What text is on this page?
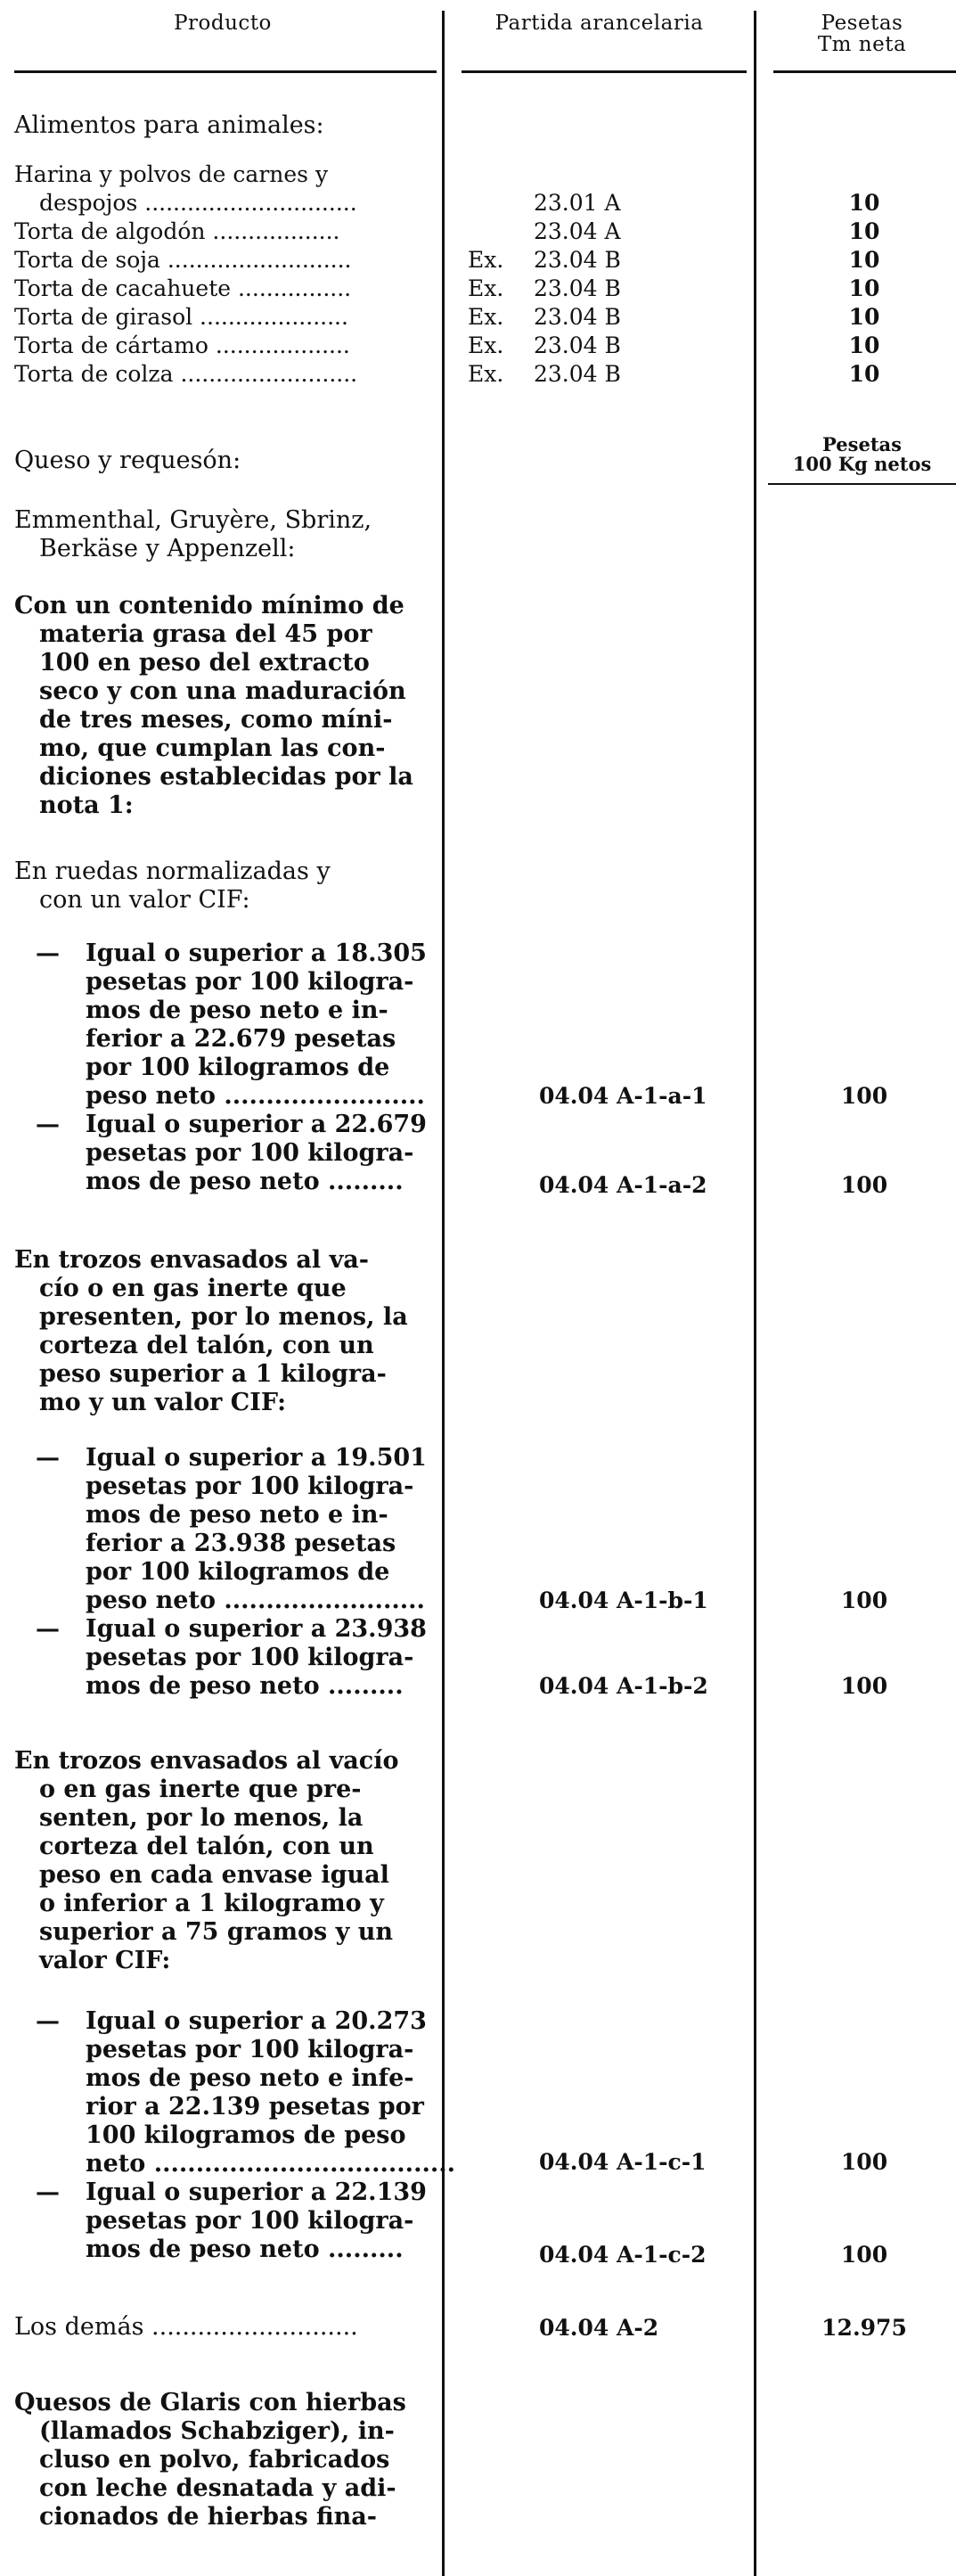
Producto	Partida arancelaria	Pesetas
Tm neta
Alimentos para animales:
Harina y polvos de carnes y
despojos ..............................	23.01 A	10
Torta de algodón ..................	23.04 A	10
Torta de soja ..........................	Ex. 23.04 B	10
Torta de cacahuete ................	Ex. 23.04 B	10
Torta de girasol .....................	Ex. 23.04 B	10
Torta de cártamo ...................	Ex. 23.04 B	10
Torta de colza .........................	Ex. 23.04 B	10
Queso y requesón:
Pesetas
100 Kg netos
Emmenthal, Gruyère, Sbrinz,
Berkäse y Appenzell:
Con un contenido mínimo de
materia grasa del 45 por
100 en peso del extracto
seco y con una maduración
de tres meses, como míni-
mo, que cumplan las con-
diciones establecidas por la
nota 1:
En ruedas normalizadas y
con un valor CIF:
—	Igual o superior a 18.305
pesetas por 100 kilogra-
mos de peso neto e in-
ferior a 22.679 pesetas
por 100 kilogramos de
peso neto ........................	04.04 A-1-a-1	100
—	Igual o superior a 22.679
pesetas por 100 kilogra-
mos de peso neto .........	04.04 A-1-a-2	100
En trozos envasados al va-
cío o en gas inerte que
presenten, por lo menos, la
corteza del talón, con un
peso superior a 1 kilogra-
mo y un valor CIF:
—	Igual o superior a 19.501
pesetas por 100 kilogra-
mos de peso neto e in-
ferior a 23.938 pesetas
por 100 kilogramos de
peso neto ........................	04.04 A-1-b-1	100
—	Igual o superior a 23.938
pesetas por 100 kilogra-
mos de peso neto .........	04.04 A-1-b-2	100
En trozos envasados al vacío
o en gas inerte que pre-
senten, por lo menos, la
corteza del talón, con un
peso en cada envase igual
o inferior a 1 kilogramo y
superior a 75 gramos y un
valor CIF:
—	Igual o superior a 20.273
pesetas por 100 kilogra-
mos de peso neto e infe-
rior a 22.139 pesetas por
100 kilogramos de peso
neto ....................................	04.04 A-1-c-1	100
—	Igual o superior a 22.139
pesetas por 100 kilogra-
mos de peso neto .........	04.04 A-1-c-2	100
Los demás ...........................	04.04 A-2	12.975
Quesos de Glaris con hierbas
(llamados Schabziger), in-
cluso en polvo, fabricados
con leche desnatada y adi-
cionados de hierbas fina-
